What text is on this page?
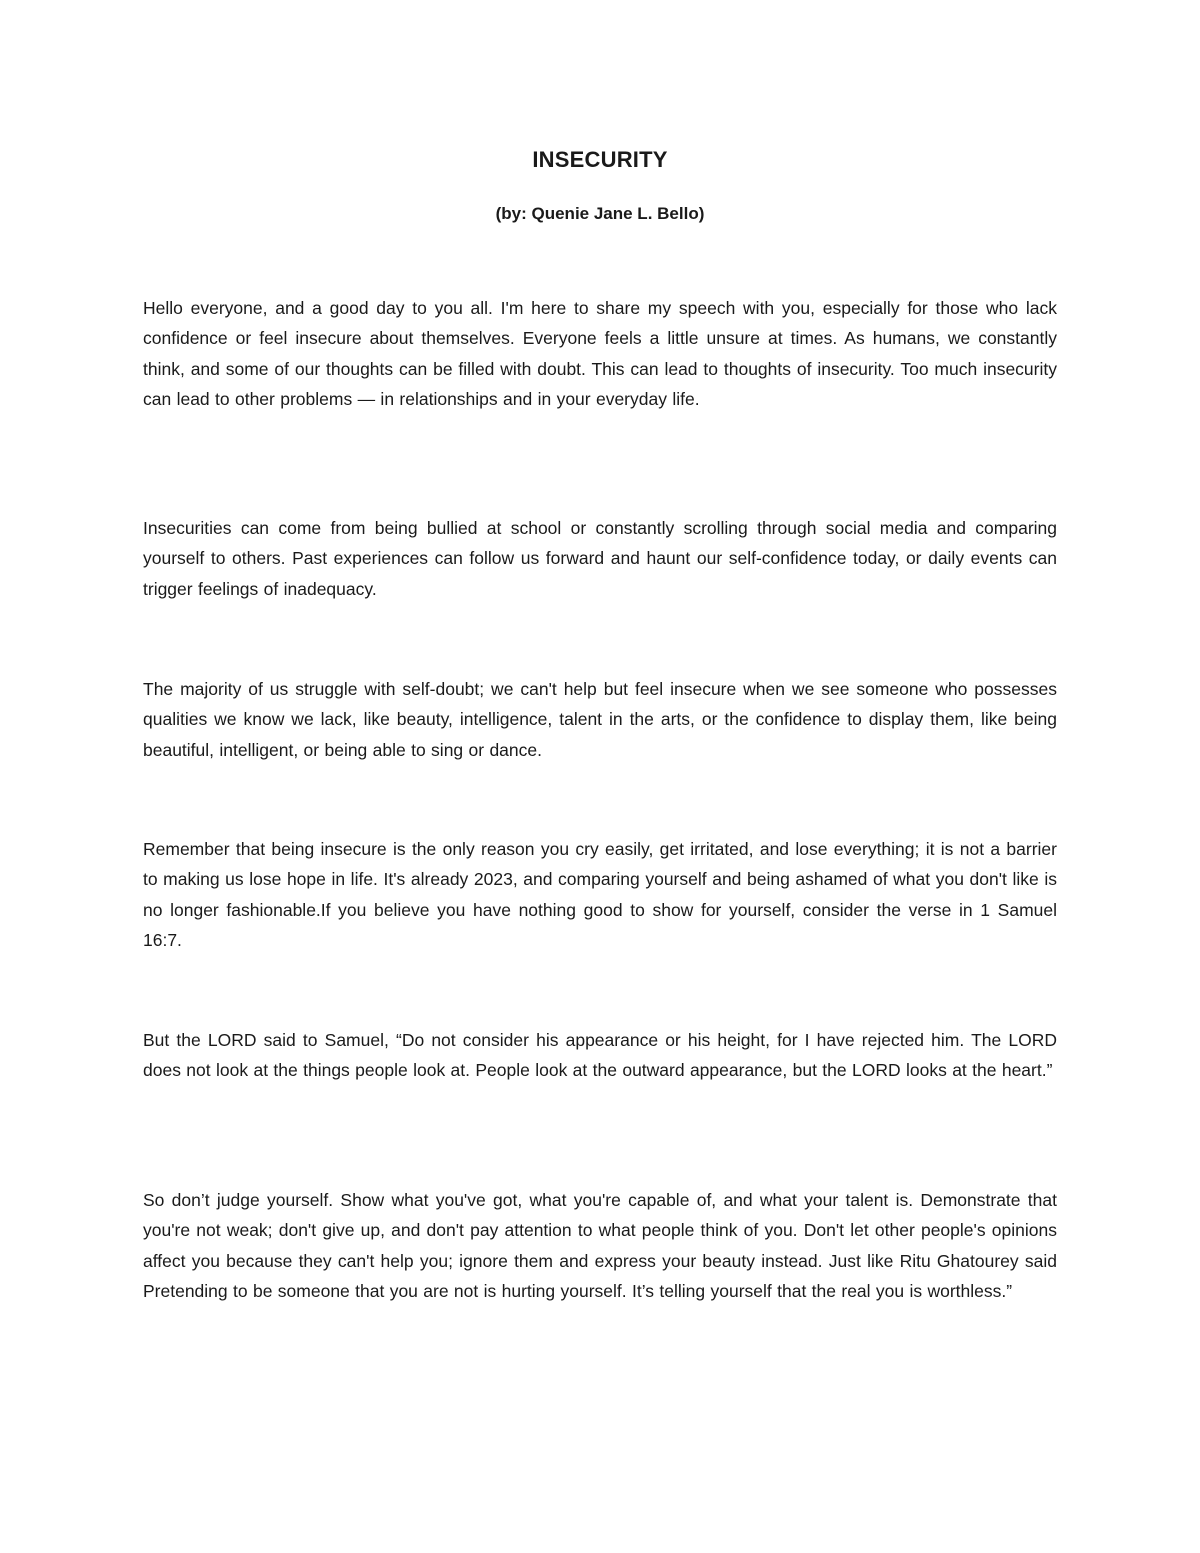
INSECURITY
(by: Quenie Jane L. Bello)

Hello everyone, and a good day to you all. I'm here to share my speech with you, especially for those who lack confidence or feel insecure about themselves. Everyone feels a little unsure at times. As humans, we constantly think, and some of our thoughts can be filled with doubt. This can lead to thoughts of insecurity. Too much insecurity can lead to other problems — in relationships and in your everyday life.

Insecurities can come from being bullied at school or constantly scrolling through social media and comparing yourself to others. Past experiences can follow us forward and haunt our self-confidence today, or daily events can trigger feelings of inadequacy.

The majority of us struggle with self-doubt; we can't help but feel insecure when we see someone who possesses qualities we know we lack, like beauty, intelligence, talent in the arts, or the confidence to display them, like being beautiful, intelligent, or being able to sing or dance.

Remember that being insecure is the only reason you cry easily, get irritated, and lose everything; it is not a barrier to making us lose hope in life. It's already 2023, and comparing yourself and being ashamed of what you don't like is no longer fashionable.If you believe you have nothing good to show for yourself, consider the verse in 1 Samuel 16:7.

But the LORD said to Samuel, “Do not consider his appearance or his height, for I have rejected him. The LORD does not look at the things people look at. People look at the outward appearance, but the LORD looks at the heart.”

So don’t judge yourself. Show what you've got, what you're capable of, and what your talent is. Demonstrate that you're not weak; don't give up, and don't pay attention to what people think of you. Don't let other people's opinions affect you because they can't help you; ignore them and express your beauty instead. Just like Ritu Ghatourey said Pretending to be someone that you are not is hurting yourself. It’s telling yourself that the real you is worthless.”
